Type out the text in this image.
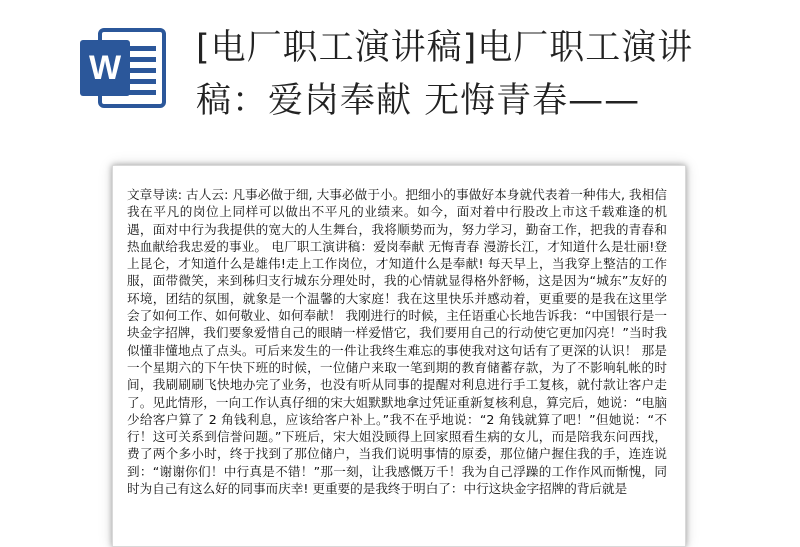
W [电厂职工演讲稿]电厂职工演讲稿：爱岗奉献 无悔青春——
文章导读: 古人云: 凡事必做于细, 大事必做于小。把细小的事做好本身就代表着一种伟大, 我相信我在平凡的岗位上同样可以做出不平凡的业绩来。如今，面对着中行股改上市这千载难逢的机遇，面对中行为我提供的宽大的人生舞台，我将顺势而为，努力学习，勤奋工作，把我的青春和热血献给我忠爱的事业。 电厂职工演讲稿：爱岗奉献 无悔青春 漫游长江，才知道什么是壮丽!登上昆仑，才知道什么是雄伟!走上工作岗位，才知道什么是奉献! 每天早上，当我穿上整洁的工作服，面带微笑，来到秭归支行城东分理处时，我的心情就显得格外舒畅，这是因为“城东”友好的环境，团结的氛围，就象是一个温馨的大家庭！我在这里快乐并感动着，更重要的是我在这里学会了如何工作、如何敬业、如何奉献！ 我刚进行的时候，主任语重心长地告诉我：“中国银行是一块金字招牌，我们要象爱惜自己的眼睛一样爱惜它，我们要用自己的行动使它更加闪亮！”当时我似懂非懂地点了点头。可后来发生的一件让我终生难忘的事使我对这句话有了更深的认识！ 那是一个星期六的下午快下班的时候，一位储户来取一笔到期的教育储蓄存款，为了不影响轧帐的时间，我刷刷刷飞快地办完了业务，也没有听从同事的提醒对利息进行手工复核，就付款让客户走了。见此情形，一向工作认真仔细的宋大姐默默地拿过凭证重新复核利息，算完后，她说：“电脑少给客户算了 2 角钱利息，应该给客户补上。”我不在乎地说：“2 角钱就算了吧！”但她说：“不行！这可关系到信誉问题。”下班后，宋大姐没顾得上回家照看生病的女儿，而是陪我东问西找，费了两个多小时，终于找到了那位储户，当我们说明事情的原委，那位储户握住我的手，连连说到：“谢谢你们！中行真是不错！”那一刻，让我感慨万千！我为自己浮躁的工作作风而惭愧，同时为自己有这么好的同事而庆幸! 更重要的是我终于明白了：中行这块金字招牌的背后就是
